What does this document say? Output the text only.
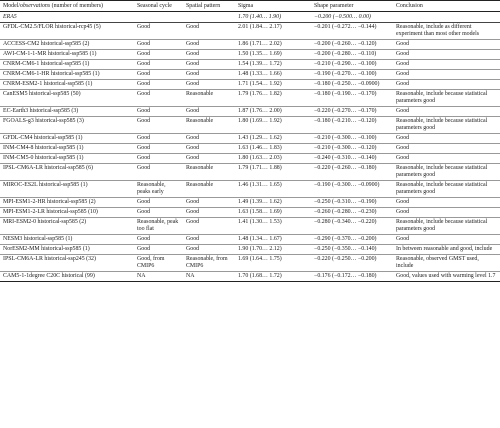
Model/observations (number of members)	Seasonal cycle	Spatial pattern	Sigma	Shape parameter	Conclusion
ERA5			1.70 (1.40… 1.90)	−0.200 (−0.500… 0.00)	
GFDL-CM2.5/FLOR historical-rcp45 (5)	Good	Good	2.01 (1.84… 2.17)	−0.201 (−0.272… −0.144)	Reasonable, include as different experiment than most other models
ACCESS-CM2 historical-ssp585 (2)	Good	Good	1.86 (1.71… 2.02)	−0.200 (−0.260… −0.120)	Good
AWI-CM-1-1-MR historical-ssp585 (1)	Good	Good	1.50 (1.35… 1.69)	−0.200 (−0.280… −0.110)	Good
CNRM-CM6-1 historical-ssp585 (1)	Good	Good	1.54 (1.39… 1.72)	−0.210 (−0.290… −0.100)	Good
CNRM-CM6-1-HR historical-ssp585 (1)	Good	Good	1.48 (1.33… 1.66)	−0.190 (−0.270… −0.100)	Good
CNRM-ESM2-1 historical-ssp585 (1)	Good	Good	1.71 (1.54… 1.92)	−0.180 (−0.250… −0.0900)	Good
CanESM5 historical-ssp585 (50)	Good	Reasonable	1.79 (1.76… 1.82)	−0.180 (−0.190… −0.170)	Reasonable, include because statistical parameters good
EC-Earth3 historical-ssp585 (3)	Good	Good	1.87 (1.76… 2.00)	−0.220 (−0.270… −0.170)	Good
FGOALS-g3 historical-ssp585 (3)	Good	Reasonable	1.80 (1.69… 1.92)	−0.180 (−0.210… −0.120)	Reasonable, include because statistical parameters good
GFDL-CM4 historical-ssp585 (1)	Good	Good	1.43 (1.29… 1.62)	−0.210 (−0.300… −0.100)	Good
INM-CM4-8 historical-ssp585 (1)	Good	Good	1.63 (1.46… 1.83)	−0.210 (−0.300… −0.120)	Good
INM-CM5-0 historical-ssp585 (1)	Good	Good	1.80 (1.63… 2.03)	−0.240 (−0.310… −0.140)	Good
IPSL-CM6A-LR historical-ssp585 (6)	Good	Reasonable	1.79 (1.71… 1.88)	−0.220 (−0.260… −0.180)	Reasonable, include because statistical parameters good
MIROC-ES2L historical-ssp585 (1)	Reasonable, peaks early	Reasonable	1.46 (1.31… 1.65)	−0.190 (−0.300… −0.0900)	Reasonable, include because statistical parameters good
MPI-ESM1-2-HR historical-ssp585 (2)	Good	Good	1.49 (1.39… 1.62)	−0.250 (−0.310… −0.190)	Good
MPI-ESM1-2-LR historical-ssp585 (10)	Good	Good	1.63 (1.58… 1.69)	−0.260 (−0.280… −0.230)	Good
MRI-ESM2-0 historical-ssp585 (2)	Reasonable, peak too flat	Good	1.41 (1.30… 1.53)	−0.280 (−0.340… −0.220)	Reasonable, include because statistical parameters good
NESM3 historical-ssp585 (1)	Good	Good	1.48 (1.34… 1.67)	−0.290 (−0.370… −0.200)	Good
NorESM2-MM historical-ssp585 (1)	Good	Good	1.90 (1.70… 2.12)	−0.250 (−0.350… −0.140)	In between reasonable and good, include
IPSL-CM6A-LR historical-ssp245 (32)	Good, from CMIP6	Reasonable, from CMIP6	1.69 (1.64… 1.75)	−0.220 (−0.250… −0.200)	Reasonable, observed GMST used, include
CAM5-1-1degree C20C historical (99)	NA	NA	1.70 (1.68… 1.72)	−0.176 (−0.172… −0.180)	Good, values used with warming level 1.7
